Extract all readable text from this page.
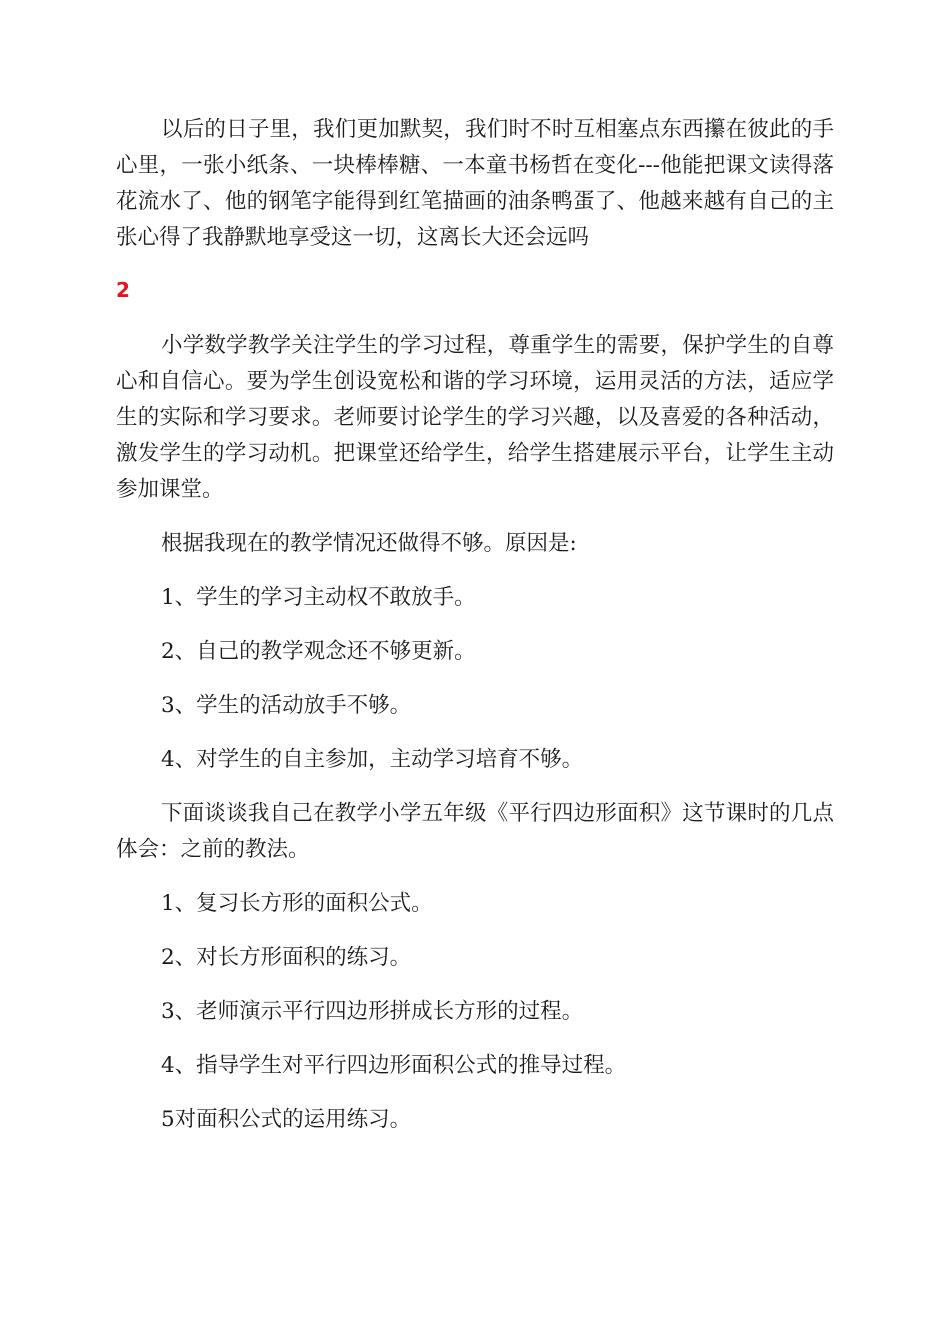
以后的日子里，我们更加默契，我们时不时互相塞点东西攥在彼此的手心里，一张小纸条、一块棒棒糖、一本童书杨哲在变化---他能把课文读得落花流水了、他的钢笔字能得到红笔描画的油条鸭蛋了、他越来越有自己的主张心得了我静默地享受这一切，这离长大还会远吗

2

小学数学教学关注学生的学习过程，尊重学生的需要，保护学生的自尊心和自信心。要为学生创设宽松和谐的学习环境，运用灵活的方法，适应学生的实际和学习要求。老师要讨论学生的学习兴趣，以及喜爱的各种活动，激发学生的学习动机。把课堂还给学生，给学生搭建展示平台，让学生主动参加课堂。

根据我现在的教学情况还做得不够。原因是:

1、学生的学习主动权不敢放手。

2、自己的教学观念还不够更新。

3、学生的活动放手不够。

4、对学生的自主参加，主动学习培育不够。

下面谈谈我自己在教学小学五年级《平行四边形面积》这节课时的几点体会：之前的教法。

1、复习长方形的面积公式。

2、对长方形面积的练习。

3、老师演示平行四边形拼成长方形的过程。

4、指导学生对平行四边形面积公式的推导过程。

5对面积公式的运用练习。
